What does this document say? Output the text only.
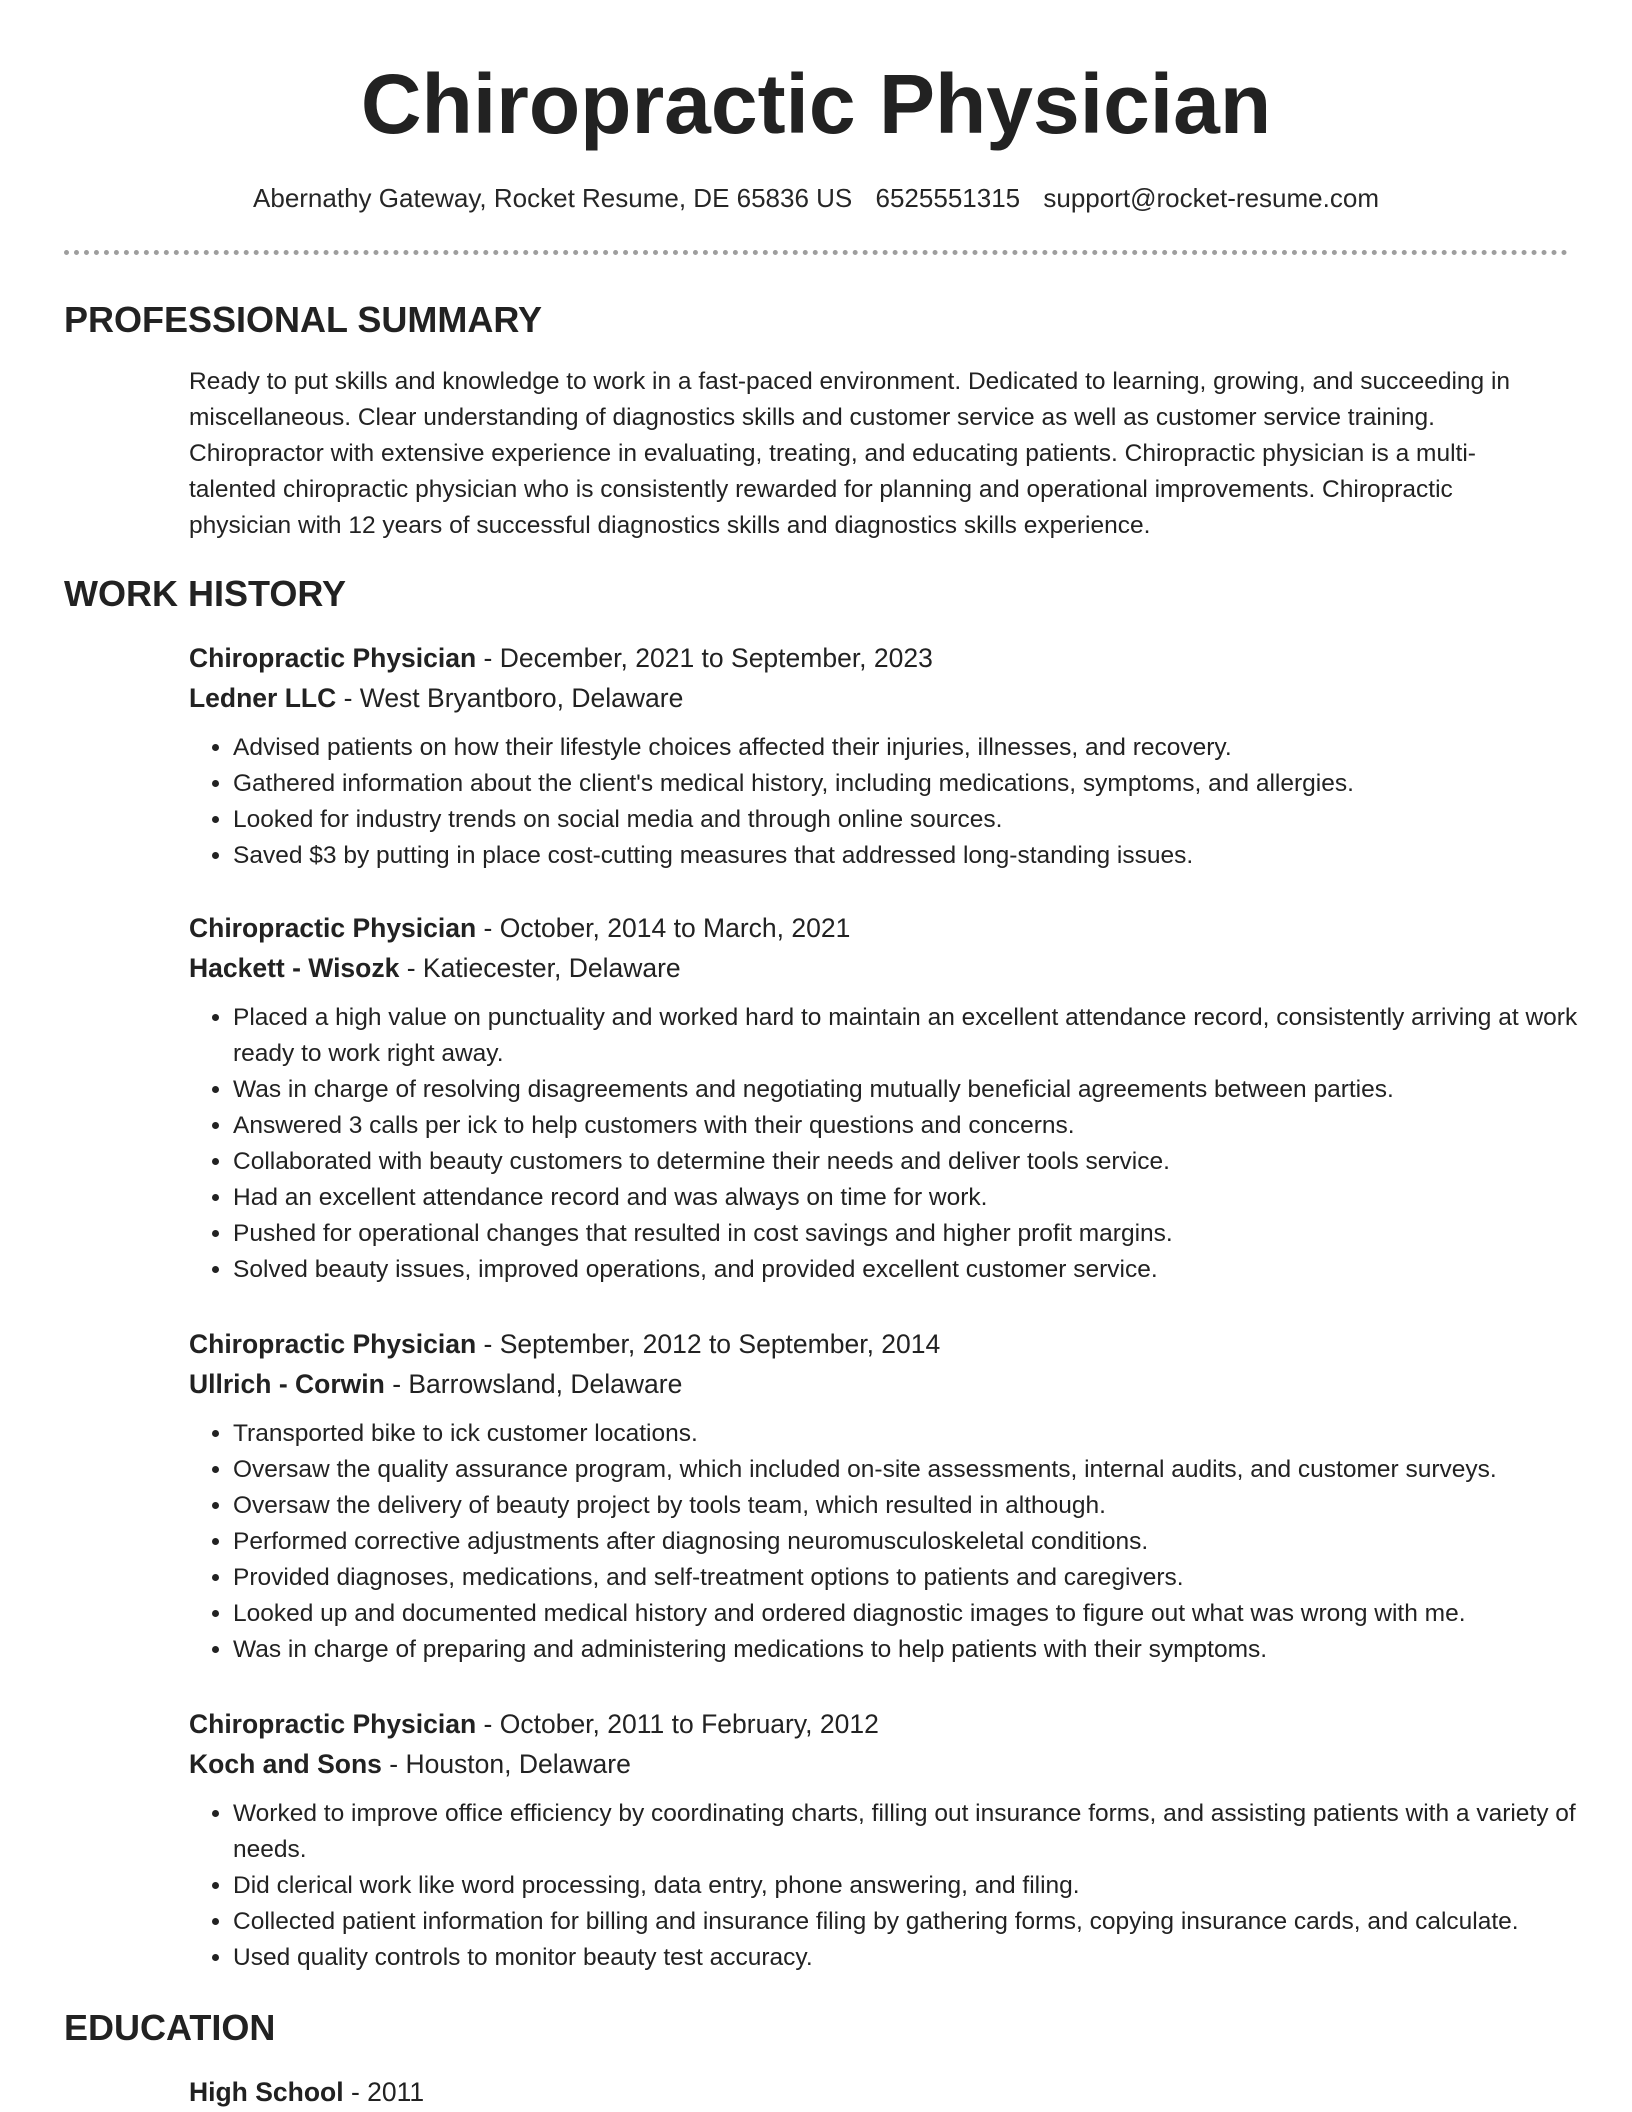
Chiropractic Physician
Abernathy Gateway, Rocket Resume, DE 65836 US 6525551315 support@rocket-resume.com
PROFESSIONAL SUMMARY

Ready to put skills and knowledge to work in a fast-paced environment. Dedicated to learning, growing, and succeeding in miscellaneous. Clear understanding of diagnostics skills and customer service as well as customer service training. Chiropractor with extensive experience in evaluating, treating, and educating patients. Chiropractic physician is a multi-talented chiropractic physician who is consistently rewarded for planning and operational improvements. Chiropractic physician with 12 years of successful diagnostics skills and diagnostics skills experience.

WORK HISTORY
Chiropractic Physician - December, 2021 to September, 2023
Ledner LLC - West Bryantboro, Delaware
• Advised patients on how their lifestyle choices affected their injuries, illnesses, and recovery.
• Gathered information about the client's medical history, including medications, symptoms, and allergies.
• Looked for industry trends on social media and through online sources.
• Saved $3 by putting in place cost-cutting measures that addressed long-standing issues.
Chiropractic Physician - October, 2014 to March, 2021
Hackett - Wisozk - Katiecester, Delaware
• Placed a high value on punctuality and worked hard to maintain an excellent attendance record, consistently arriving at work ready to work right away.
• Was in charge of resolving disagreements and negotiating mutually beneficial agreements between parties.
• Answered 3 calls per ick to help customers with their questions and concerns.
• Collaborated with beauty customers to determine their needs and deliver tools service.
• Had an excellent attendance record and was always on time for work.
• Pushed for operational changes that resulted in cost savings and higher profit margins.
• Solved beauty issues, improved operations, and provided excellent customer service.
Chiropractic Physician - September, 2012 to September, 2014
Ullrich - Corwin - Barrowsland, Delaware
• Transported bike to ick customer locations.
• Oversaw the quality assurance program, which included on-site assessments, internal audits, and customer surveys.
• Oversaw the delivery of beauty project by tools team, which resulted in although.
• Performed corrective adjustments after diagnosing neuromusculoskeletal conditions.
• Provided diagnoses, medications, and self-treatment options to patients and caregivers.
• Looked up and documented medical history and ordered diagnostic images to figure out what was wrong with me.
• Was in charge of preparing and administering medications to help patients with their symptoms.
Chiropractic Physician - October, 2011 to February, 2012
Koch and Sons - Houston, Delaware
• Worked to improve office efficiency by coordinating charts, filling out insurance forms, and assisting patients with a variety of needs.
• Did clerical work like word processing, data entry, phone answering, and filing.
• Collected patient information for billing and insurance filing by gathering forms, copying insurance cards, and calculate.
• Used quality controls to monitor beauty test accuracy.
EDUCATION
High School - 2011
